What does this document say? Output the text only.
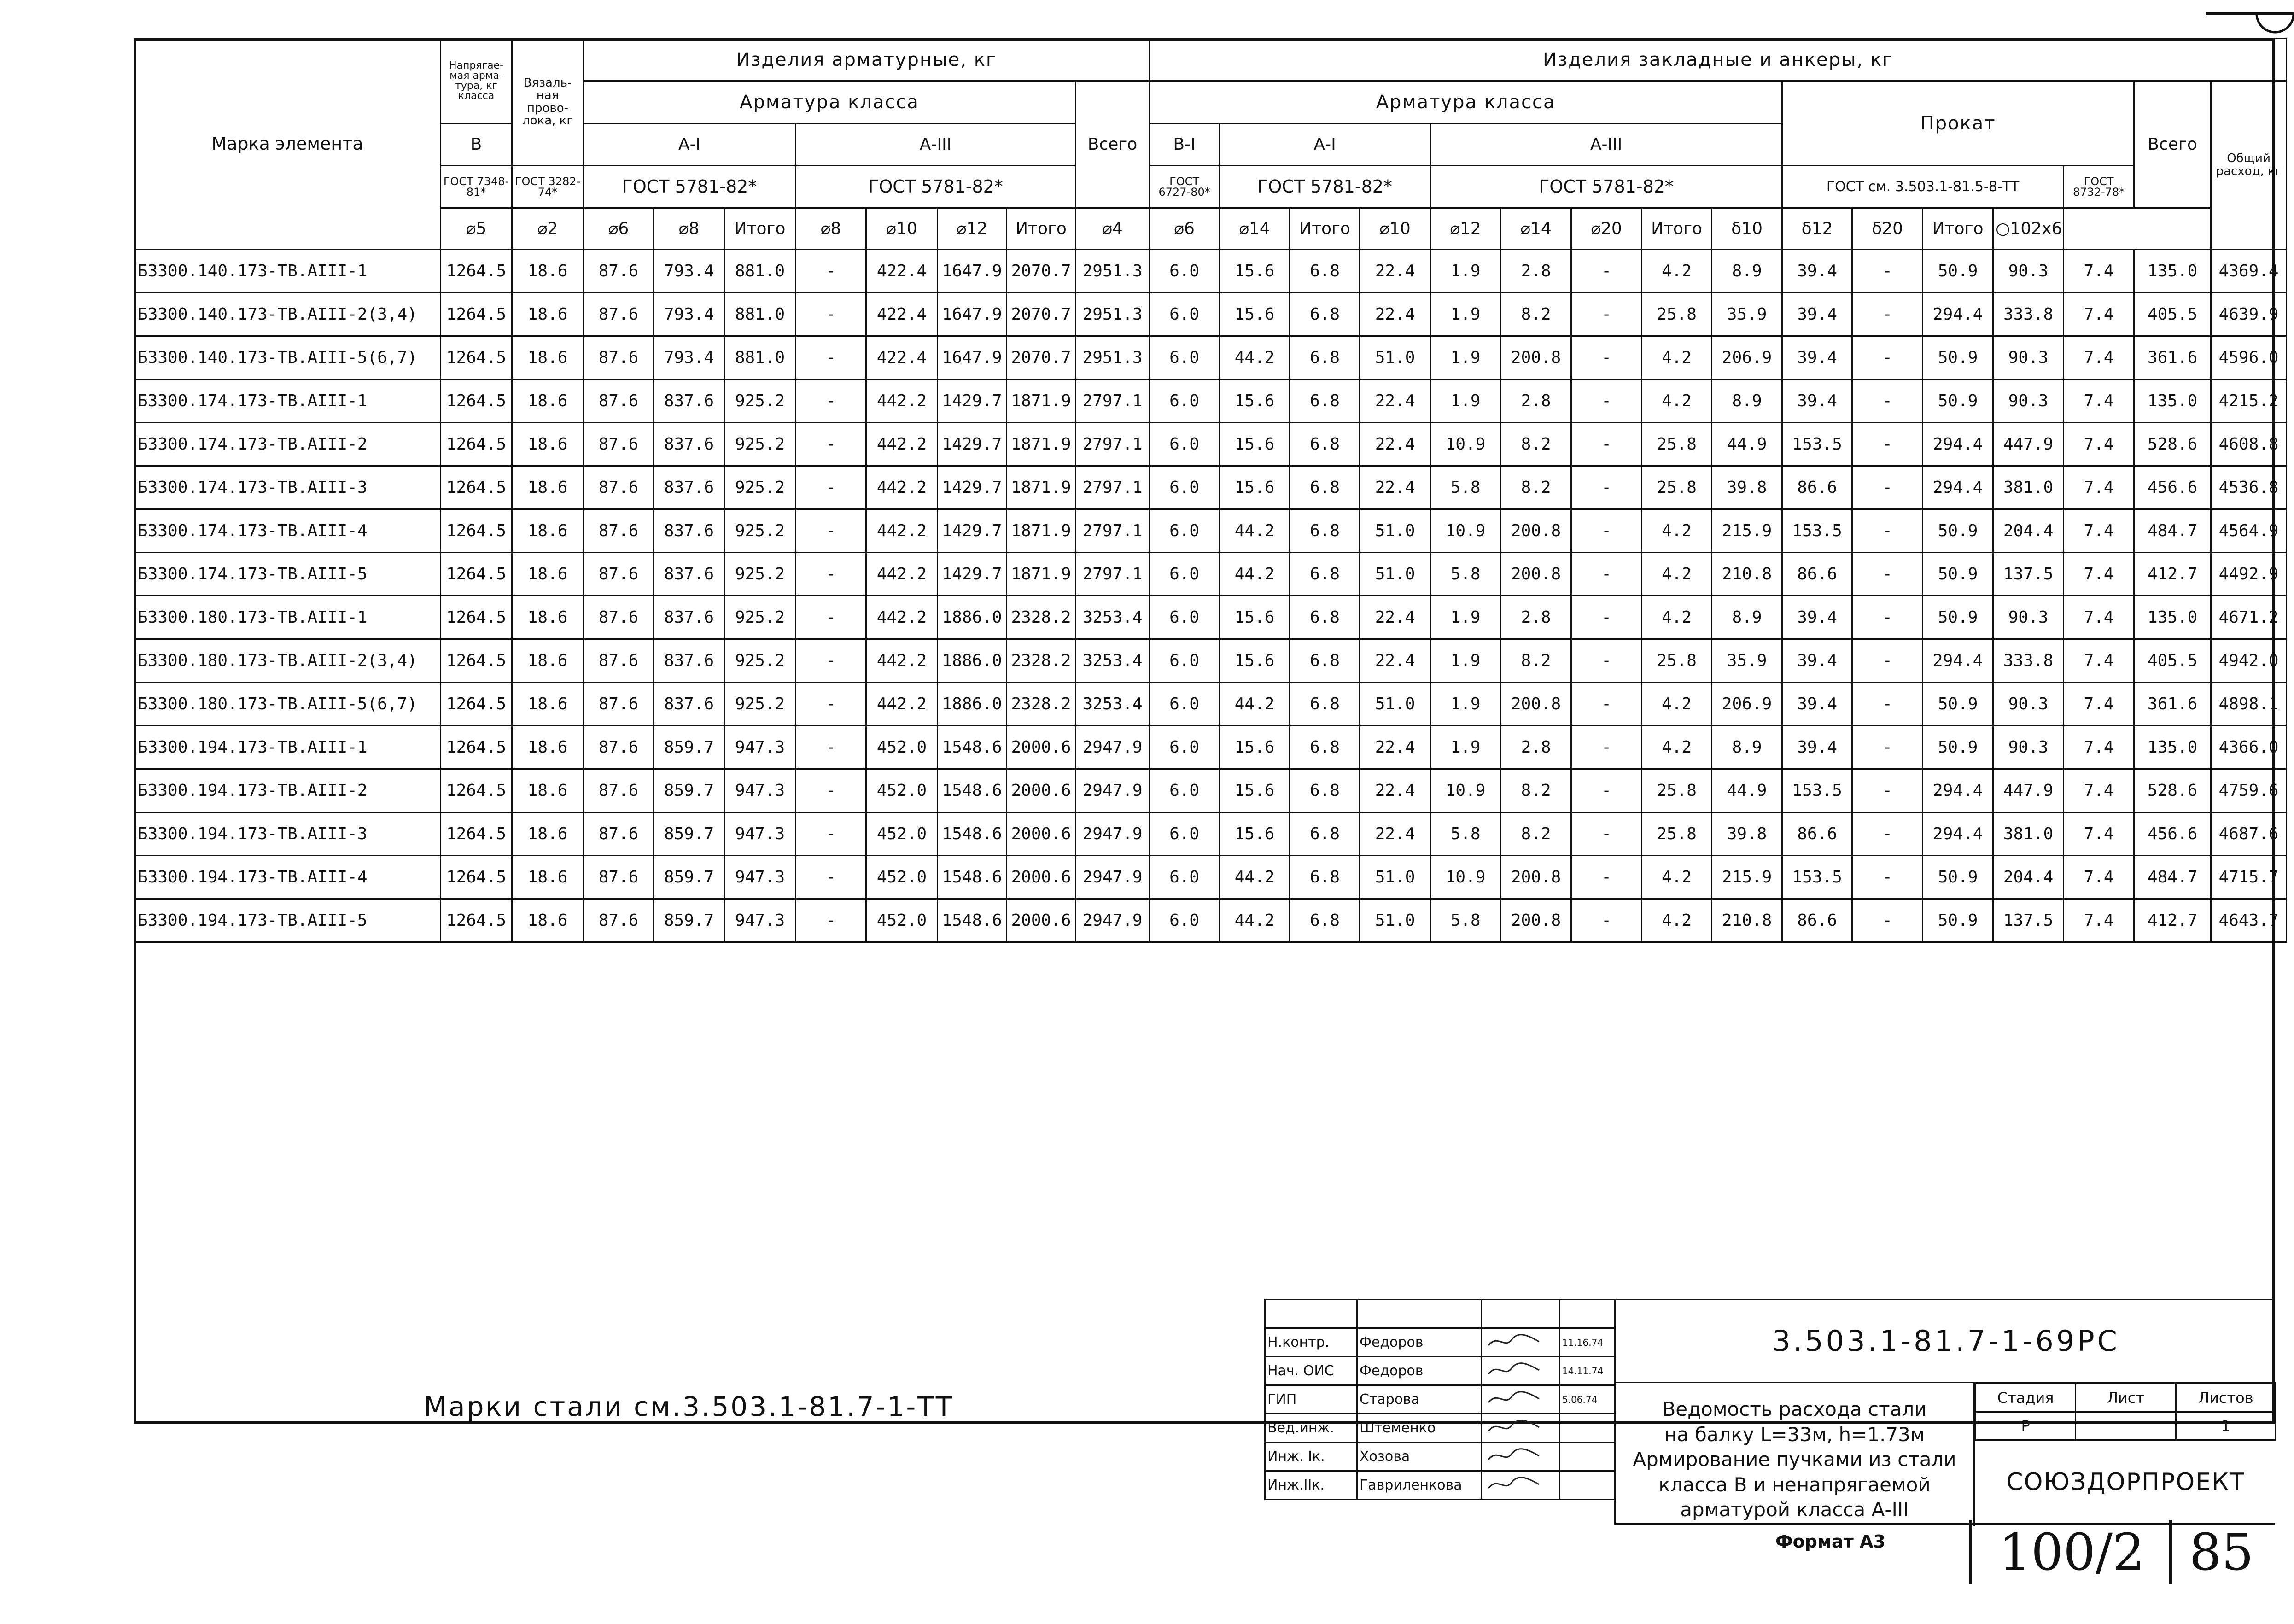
Марка элемента	Напрягае-мая арма-тура, кг класса	Вязаль-ная прово-лока, кг	Изделия арматурные, кг								Изделия закладные и анкеры, кг															
			Арматура класса							Всего	Арматура класса									Прокат					Всего	Общий расход, кг
	В		А-I			А-III					В-I	А-I			А-III											
	ГОСТ 7348-81*	ГОСТ 3282-74*	ГОСТ 5781-82*			ГОСТ 5781-82*					ГОСТ 6727-80*	ГОСТ 5781-82*			ГОСТ 5781-82*					ГОСТ см. 3.503.1-81.5-8-ТТ				ГОСТ 8732-78*		
	⌀5	⌀2	⌀6	⌀8	Итого	⌀8	⌀10	⌀12	Итого	⌀4	⌀6	⌀14	Итого	⌀10	⌀12	⌀14	⌀20	Итого	δ10	δ12	δ20	Итого	○102x6			
Б3300.140.173-ТВ.АIII-1	1264.5	18.6	87.6	793.4	881.0	-	422.4	1647.9	2070.7	2951.3	6.0	15.6	6.8	22.4	1.9	2.8	-	4.2	8.9	39.4	-	50.9	90.3	7.4	135.0	4369.4
Б3300.140.173-ТВ.АIII-2(3,4)	1264.5	18.6	87.6	793.4	881.0	-	422.4	1647.9	2070.7	2951.3	6.0	15.6	6.8	22.4	1.9	8.2	-	25.8	35.9	39.4	-	294.4	333.8	7.4	405.5	4639.9
Б3300.140.173-ТВ.АIII-5(6,7)	1264.5	18.6	87.6	793.4	881.0	-	422.4	1647.9	2070.7	2951.3	6.0	44.2	6.8	51.0	1.9	200.8	-	4.2	206.9	39.4	-	50.9	90.3	7.4	361.6	4596.0
Б3300.174.173-ТВ.АIII-1	1264.5	18.6	87.6	837.6	925.2	-	442.2	1429.7	1871.9	2797.1	6.0	15.6	6.8	22.4	1.9	2.8	-	4.2	8.9	39.4	-	50.9	90.3	7.4	135.0	4215.2
Б3300.174.173-ТВ.АIII-2	1264.5	18.6	87.6	837.6	925.2	-	442.2	1429.7	1871.9	2797.1	6.0	15.6	6.8	22.4	10.9	8.2	-	25.8	44.9	153.5	-	294.4	447.9	7.4	528.6	4608.8
Б3300.174.173-ТВ.АIII-3	1264.5	18.6	87.6	837.6	925.2	-	442.2	1429.7	1871.9	2797.1	6.0	15.6	6.8	22.4	5.8	8.2	-	25.8	39.8	86.6	-	294.4	381.0	7.4	456.6	4536.8
Б3300.174.173-ТВ.АIII-4	1264.5	18.6	87.6	837.6	925.2	-	442.2	1429.7	1871.9	2797.1	6.0	44.2	6.8	51.0	10.9	200.8	-	4.2	215.9	153.5	-	50.9	204.4	7.4	484.7	4564.9
Б3300.174.173-ТВ.АIII-5	1264.5	18.6	87.6	837.6	925.2	-	442.2	1429.7	1871.9	2797.1	6.0	44.2	6.8	51.0	5.8	200.8	-	4.2	210.8	86.6	-	50.9	137.5	7.4	412.7	4492.9
Б3300.180.173-ТВ.АIII-1	1264.5	18.6	87.6	837.6	925.2	-	442.2	1886.0	2328.2	3253.4	6.0	15.6	6.8	22.4	1.9	2.8	-	4.2	8.9	39.4	-	50.9	90.3	7.4	135.0	4671.2
Б3300.180.173-ТВ.АIII-2(3,4)	1264.5	18.6	87.6	837.6	925.2	-	442.2	1886.0	2328.2	3253.4	6.0	15.6	6.8	22.4	1.9	8.2	-	25.8	35.9	39.4	-	294.4	333.8	7.4	405.5	4942.0
Б3300.180.173-ТВ.АIII-5(6,7)	1264.5	18.6	87.6	837.6	925.2	-	442.2	1886.0	2328.2	3253.4	6.0	44.2	6.8	51.0	1.9	200.8	-	4.2	206.9	39.4	-	50.9	90.3	7.4	361.6	4898.1
Б3300.194.173-ТВ.АIII-1	1264.5	18.6	87.6	859.7	947.3	-	452.0	1548.6	2000.6	2947.9	6.0	15.6	6.8	22.4	1.9	2.8	-	4.2	8.9	39.4	-	50.9	90.3	7.4	135.0	4366.0
Б3300.194.173-ТВ.АIII-2	1264.5	18.6	87.6	859.7	947.3	-	452.0	1548.6	2000.6	2947.9	6.0	15.6	6.8	22.4	10.9	8.2	-	25.8	44.9	153.5	-	294.4	447.9	7.4	528.6	4759.6
Б3300.194.173-ТВ.АIII-3	1264.5	18.6	87.6	859.7	947.3	-	452.0	1548.6	2000.6	2947.9	6.0	15.6	6.8	22.4	5.8	8.2	-	25.8	39.8	86.6	-	294.4	381.0	7.4	456.6	4687.6
Б3300.194.173-ТВ.АIII-4	1264.5	18.6	87.6	859.7	947.3	-	452.0	1548.6	2000.6	2947.9	6.0	44.2	6.8	51.0	10.9	200.8	-	4.2	215.9	153.5	-	50.9	204.4	7.4	484.7	4715.7
Б3300.194.173-ТВ.АIII-5	1264.5	18.6	87.6	859.7	947.3	-	452.0	1548.6	2000.6	2947.9	6.0	44.2	6.8	51.0	5.8	200.8	-	4.2	210.8	86.6	-	50.9	137.5	7.4	412.7	4643.7
Марки стали см.3.503.1-81.7-1-ТТ

Н.контр.	Федоров		11.16.74
Нач. ОИС	Федоров		14.11.74
ГИП	Старова		5.06.74
Вед.инж.	Штеменко		
Инж. Iк.	Хозова		
Инж.IIк.	Гавриленкова		
3.503.1-81.7-1-69РС
Ведомость расхода стали
на балку L=33м, h=1.73м
Армирование пучками из стали
класса В и ненапрягаемой
арматурой класса А-III
Стадия	Лист	Листов
Р		1
СОЮЗДОРПРОЕКТ
Формат А3	100/2 85
